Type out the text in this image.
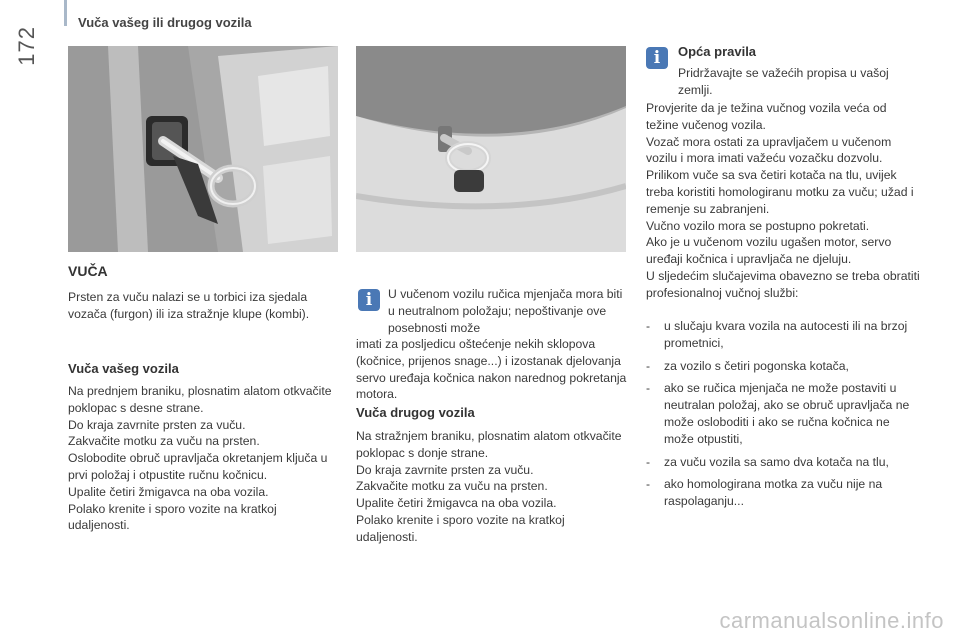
Vuča vašeg ili drugog vozila
172
VUČA

Prsten za vuču nalazi se u torbici iza sjedala vozača (furgon) ili iza stražnje klupe (kombi).

Vuča vašeg vozila

Na prednjem braniku, plosnatim alatom otkvačite poklopac s desne strane.
Do kraja zavrnite prsten za vuču.
Zakvačite motku za vuču na prsten.
Oslobodite obruč upravljača okretanjem ključa u prvi položaj i otpustite ručnu kočnicu.
Upalite četiri žmigavca na oba vozila.
Polako krenite i sporo vozite na kratkoj udaljenosti.

i	U vučenom vozilu ručica mjenjača mora biti u neutralnom položaju; nepoštivanje ove posebnosti može

imati za posljedicu oštećenje nekih sklopova (kočnice, prijenos snage...) i izostanak djelovanja servo uređaja kočnica nakon narednog pokretanja motora.

Vuča drugog vozila

Na stražnjem braniku, plosnatim alatom otkvačite poklopac s donje strane.
Do kraja zavrnite prsten za vuču.
Zakvačite motku za vuču na prsten.
Upalite četiri žmigavca na oba vozila.
Polako krenite i sporo vozite na kratkoj udaljenosti.

i	Opća pravila

Pridržavajte se važećih propisa u vašoj zemlji.

Provjerite da je težina vučnog vozila veća od težine vučenog vozila.
Vozač mora ostati za upravljačem u vučenom vozilu i mora imati važeću vozačku dozvolu.
Prilikom vuče sa sva četiri kotača na tlu, uvijek treba koristiti homologiranu motku za vuču; užad i remenje su zabranjeni.
Vučno vozilo mora se postupno pokretati.
Ako je u vučenom vozilu ugašen motor, servo uređaji kočnica i upravljača ne djeluju.
U sljedećim slučajevima obavezno se treba obratiti profesionalnoj vučnoj službi:

- u slučaju kvara vozila na autocesti ili na brzoj prometnici,
- za vozilo s četiri pogonska kotača,
- ako se ručica mjenjača ne može postaviti u neutralan položaj, ako se obruč upravljača ne može osloboditi i ako se ručna kočnica ne može otpustiti,
- za vuču vozila sa samo dva kotača na tlu,
- ako homologirana motka za vuču nije na raspolaganju...
carmanualsonline.info
